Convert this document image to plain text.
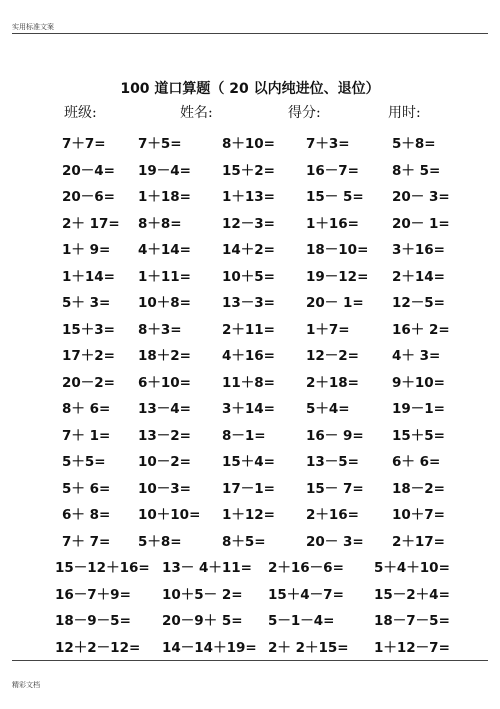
实用标准文案
100 道口算题（ 20 以内纯进位、退位）
班级:	姓名:	得分:	用时:
7＋7= 7＋5=	8＋10= 7＋3=	5＋8=
20－4= 19－4= 15＋2= 16－7= 8＋ 5=
20－6= 1＋18= 1＋13= 15－ 5= 20－ 3=
2＋ 17= 8＋8=	12－3= 1＋16= 20－ 1=
1＋ 9= 4＋14= 14＋2= 18－10= 3＋16=
1＋14= 1＋11= 10＋5= 19－12= 2＋14=
5＋ 3= 10＋8= 13－3= 20－ 1= 12－5=
15＋3= 8＋3=	2＋11= 1＋7=	16＋ 2=
17＋2= 18＋2= 4＋16= 12－2= 4＋ 3=
20－2= 6＋10= 11＋8= 2＋18= 9＋10=
8＋ 6= 13－4= 3＋14= 5＋4=	19－1=
7＋ 1= 13－2= 8－1=	16－ 9= 15＋5=
5＋5= 10－2= 15＋4= 13－5= 6＋ 6=
5＋ 6= 10－3= 17－1= 15－ 7= 18－2=
6＋ 8= 10＋10= 1＋12= 2＋16= 10＋7=
7＋ 7= 5＋8=	8＋5=	20－ 3= 2＋17=
15－12＋16= 13－ 4＋11= 2＋16－6= 5＋4＋10=
16－7＋9= 10＋5－ 2= 15＋4－7= 15－2＋4=
18－9－5= 20－9＋ 5= 5－1－4=	18－7－5=
12＋2－12= 14－14＋19= 2＋ 2＋15= 1＋12－7=
精彩文档
